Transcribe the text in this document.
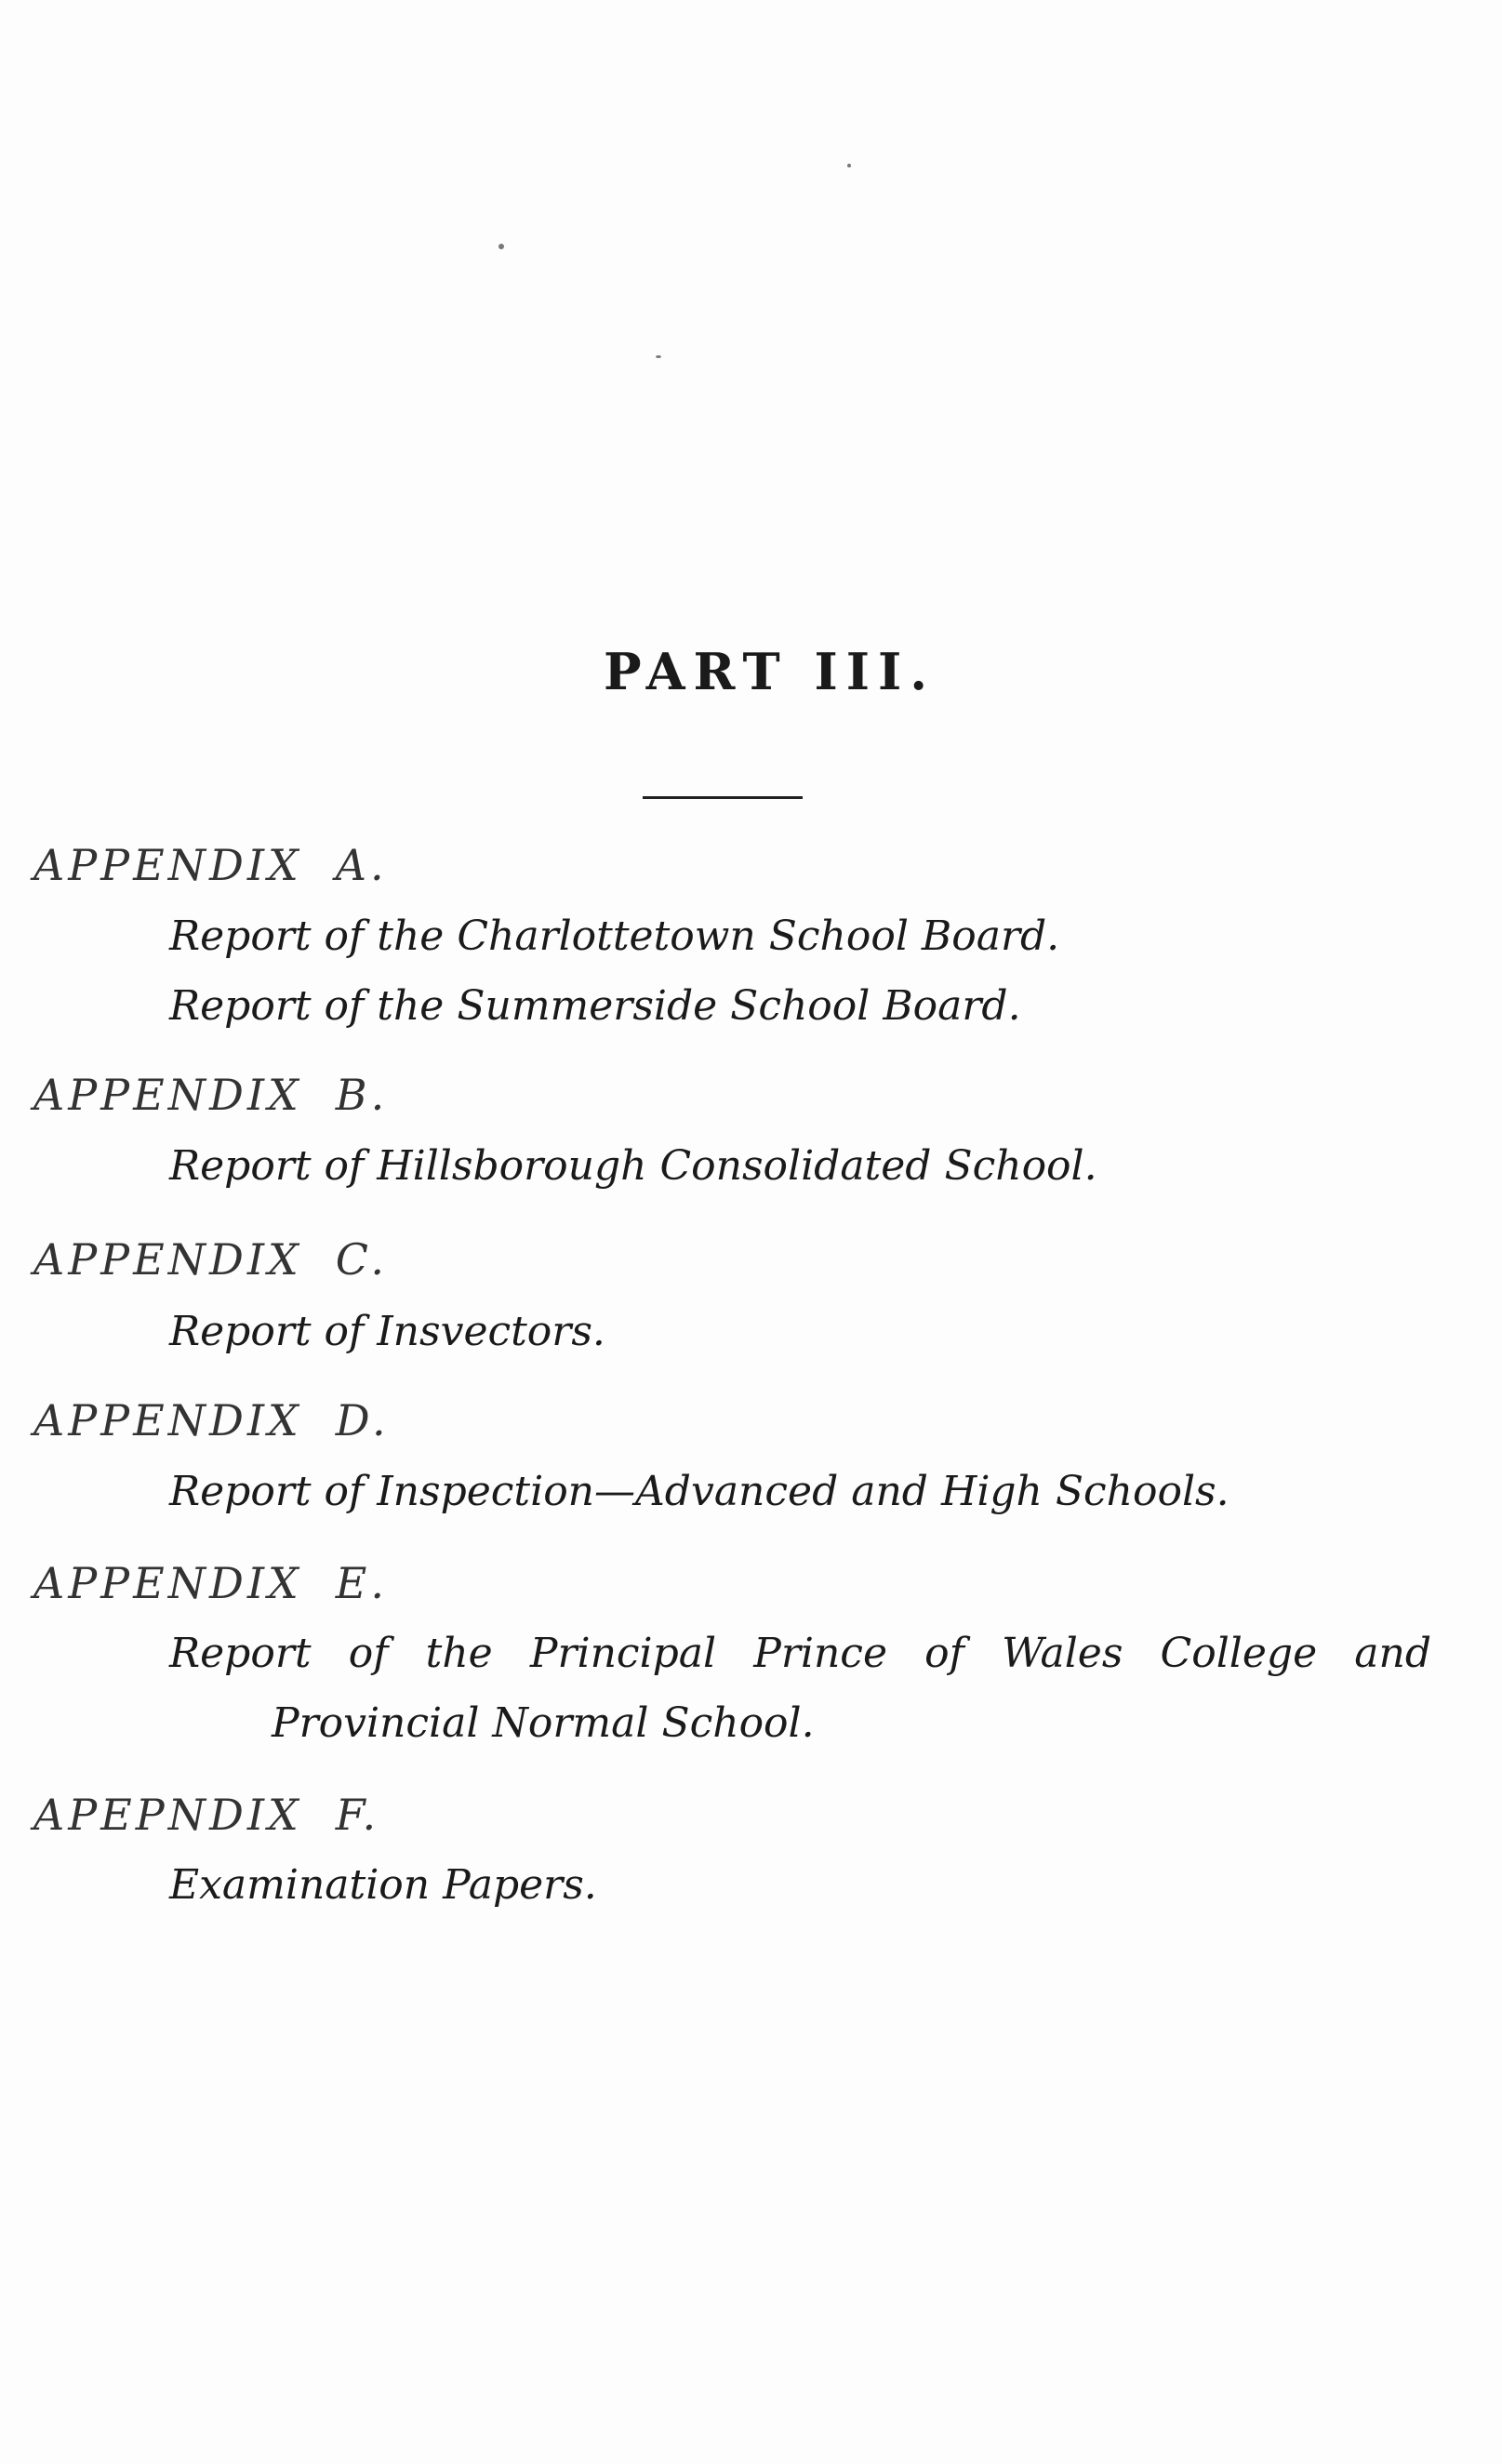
PART III.
APPENDIX A.
Report of the Charlottetown School Board.
Report of the Summerside School Board.
APPENDIX B.
Report of Hillsborough Consolidated School.
APPENDIX C.
Report of Insvectors.
APPENDIX D.
Report of Inspection—Advanced and High Schools.
APPENDIX E.
Report of the Principal Prince of Wales College and
Provincial Normal School.
APEPNDIX F.
Examination Papers.
